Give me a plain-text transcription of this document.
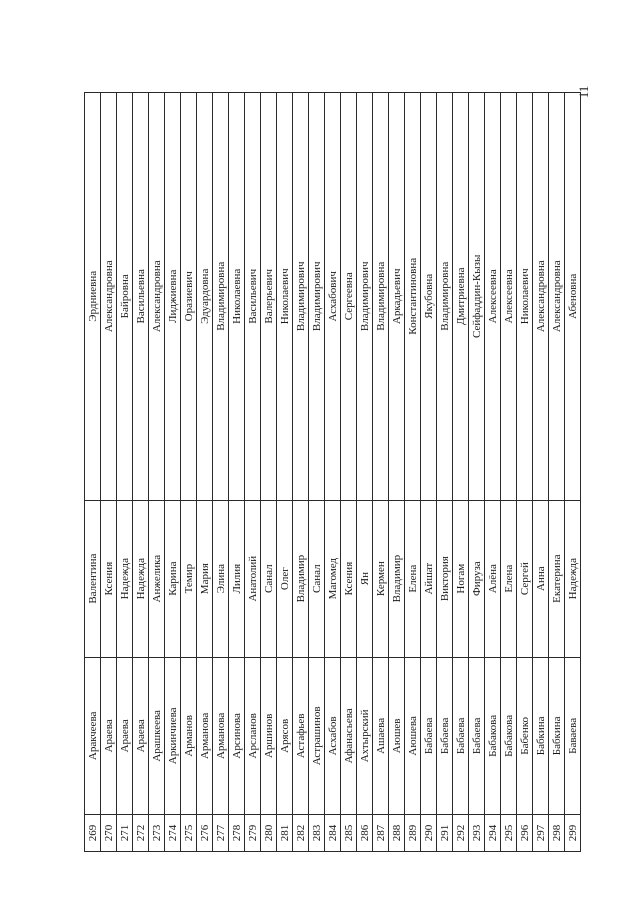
11
269	Аракчеева	Валентина	Эрдниевна
270	Араева	Ксения	Александровна
271	Араева	Надежда	Байровна
272	Араева	Надежда	Васильевна
273	Арашкеева	Анжелика	Александровна
274	Аркинчиева	Карина	Лиджиевна
275	Арманов	Темир	Оразиевич
276	Арманова	Мария	Эдуардовна
277	Арманова	Элина	Владимировна
278	Арсинова	Лилия	Николаевна
279	Арсланов	Анатолий	Васильевич
280	Аршинов	Санал	Валерьевич
281	Арясов	Олег	Николаевич
282	Астафьев	Владимир	Владимирович
283	Астрашинов	Санал	Владимирович
284	Асхабов	Магомед	Асхабович
285	Афанасьева	Ксения	Сергеевна
286	Ахтырский	Ян	Владимирович
287	Ашаева	Кермен	Владимировна
288	Аюшев	Владимир	Аркадьевич
289	Аюшева	Елена	Константиновна
290	Бабаева	Айшат	Якубовна
291	Бабаева	Виктория	Владимировна
292	Бабаева	Ногам	Дмитриевна
293	Бабаева	Фируза	Сейфаддин-Кызы
294	Бабакова	Алёна	Алексеевна
295	Бабакова	Елена	Алексеевна
296	Бабенко	Сергей	Николаевич
297	Бабкина	Анна	Александровна
298	Бабкина	Екатерина	Александровна
299	Баваева	Надежда	Абеновна
